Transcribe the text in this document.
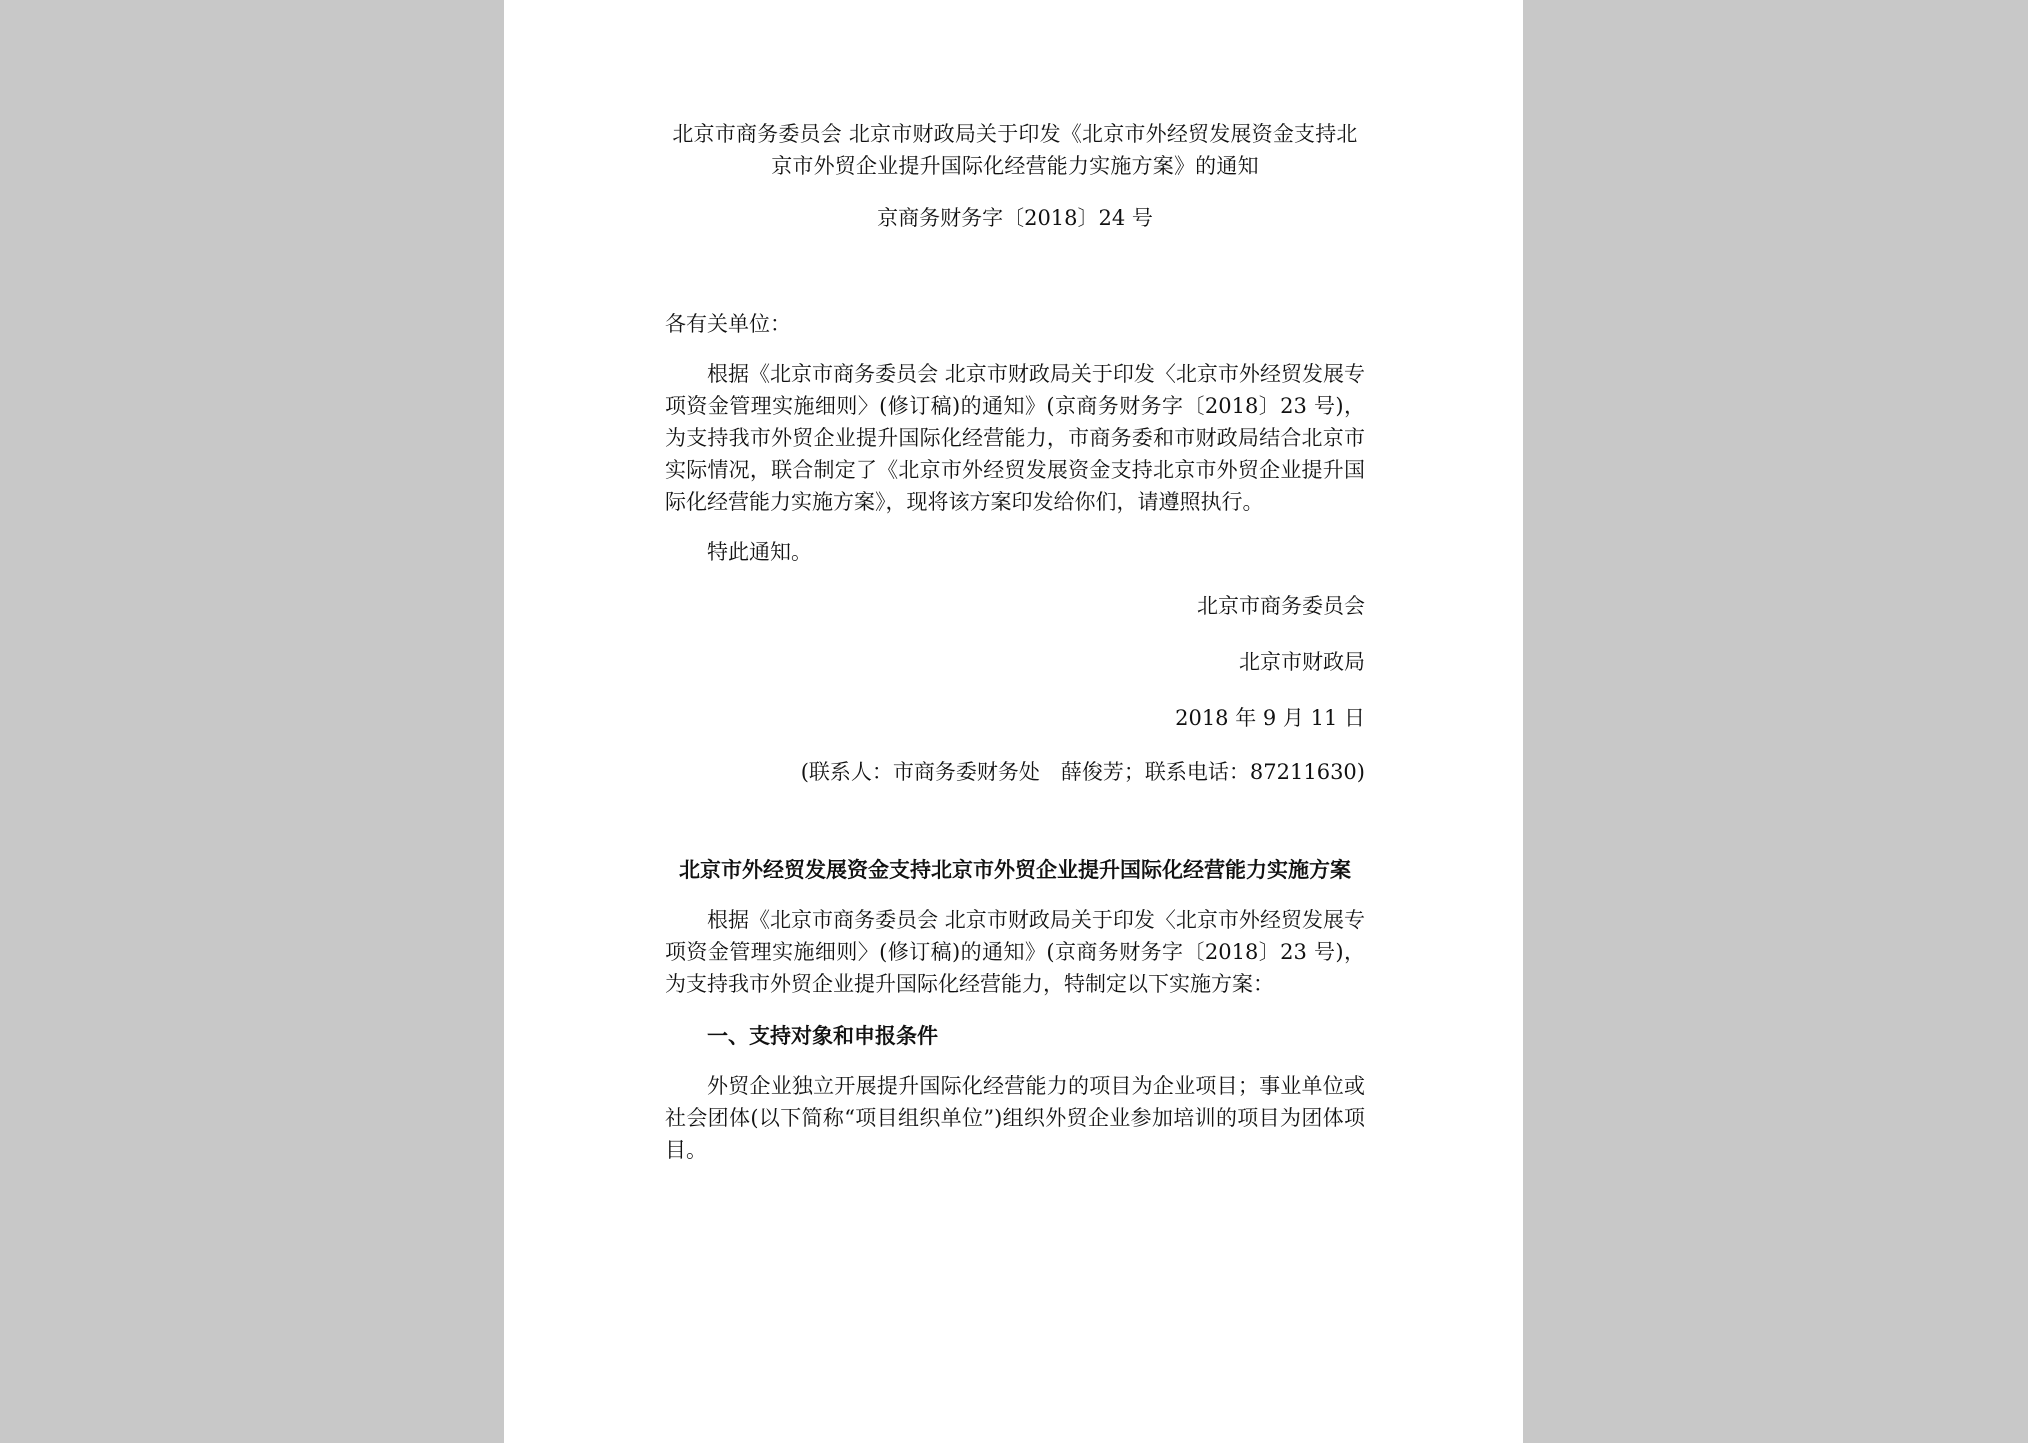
北京市商务委员会 北京市财政局关于印发《北京市外经贸发展资金支持北京市外贸企业提升国际化经营能力实施方案》的通知
京商务财务字〔2018〕24 号
各有关单位：

根据《北京市商务委员会 北京市财政局关于印发〈北京市外经贸发展专项资金管理实施细则〉(修订稿)的通知》(京商务财务字〔2018〕23 号)，为支持我市外贸企业提升国际化经营能力，市商务委和市财政局结合北京市实际情况，联合制定了《北京市外经贸发展资金支持北京市外贸企业提升国际化经营能力实施方案》，现将该方案印发给你们，请遵照执行。

特此通知。

北京市商务委员会
北京市财政局
2018 年 9 月 11 日
(联系人：市商务委财务处　薛俊芳；联系电话：87211630)
北京市外经贸发展资金支持北京市外贸企业提升国际化经营能力实施方案

根据《北京市商务委员会 北京市财政局关于印发〈北京市外经贸发展专项资金管理实施细则〉(修订稿)的通知》(京商务财务字〔2018〕23 号)，为支持我市外贸企业提升国际化经营能力，特制定以下实施方案：

一、支持对象和申报条件

外贸企业独立开展提升国际化经营能力的项目为企业项目；事业单位或社会团体(以下简称“项目组织单位”)组织外贸企业参加培训的项目为团体项目。
